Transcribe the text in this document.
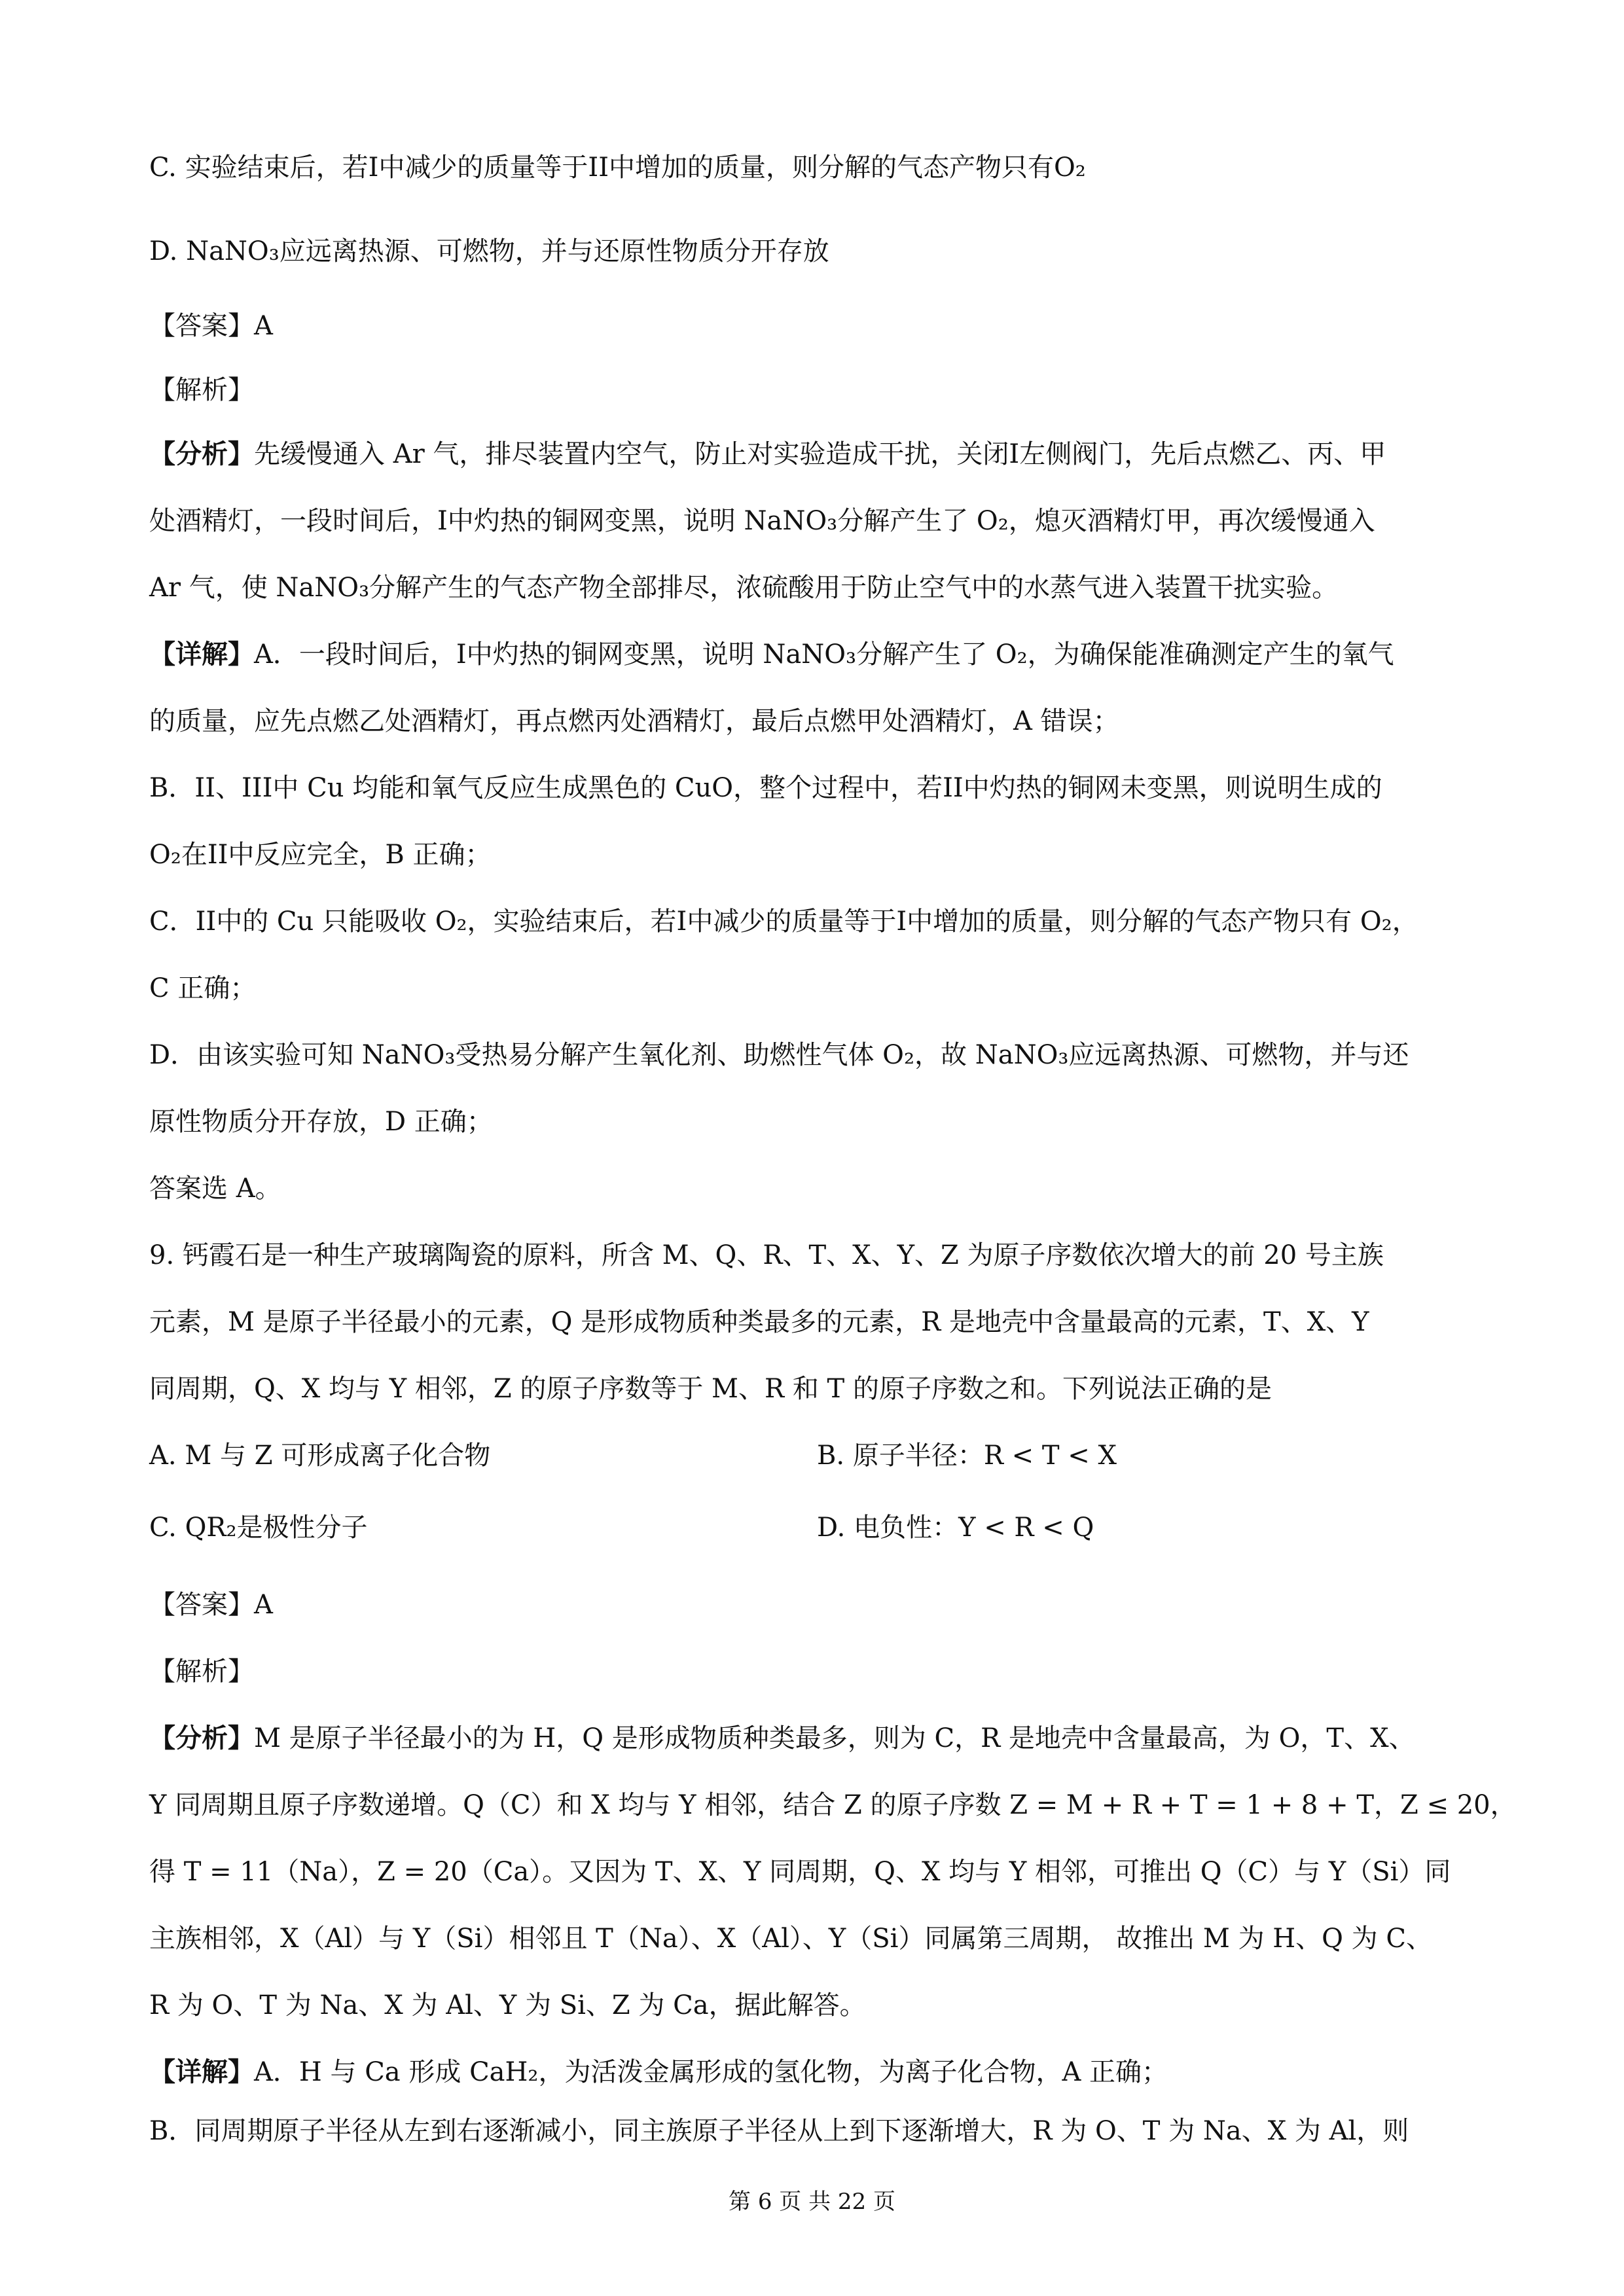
C. 实验结束后，若I中减少的质量等于II中增加的质量，则分解的气态产物只有O₂
D. NaNO₃应远离热源、可燃物，并与还原性物质分开存放
【答案】A
【解析】
【分析】先缓慢通入 Ar 气，排尽装置内空气，防止对实验造成干扰，关闭I左侧阀门，先后点燃乙、丙、甲
处酒精灯，一段时间后，I中灼热的铜网变黑，说明 NaNO₃分解产生了 O₂，熄灭酒精灯甲，再次缓慢通入
Ar 气，使 NaNO₃分解产生的气态产物全部排尽，浓硫酸用于防止空气中的水蒸气进入装置干扰实验。
【详解】A．一段时间后，I中灼热的铜网变黑，说明 NaNO₃分解产生了 O₂，为确保能准确测定产生的氧气
的质量，应先点燃乙处酒精灯，再点燃丙处酒精灯，最后点燃甲处酒精灯，A 错误；
B．II、III中 Cu 均能和氧气反应生成黑色的 CuO，整个过程中，若II中灼热的铜网未变黑，则说明生成的
O₂在II中反应完全，B 正确；
C．II中的 Cu 只能吸收 O₂，实验结束后，若I中减少的质量等于I中增加的质量，则分解的气态产物只有 O₂，
C 正确；
D．由该实验可知 NaNO₃受热易分解产生氧化剂、助燃性气体 O₂，故 NaNO₃应远离热源、可燃物，并与还
原性物质分开存放，D 正确；
答案选 A。
9. 钙霞石是一种生产玻璃陶瓷的原料，所含 M、Q、R、T、X、Y、Z 为原子序数依次增大的前 20 号主族
元素，M 是原子半径最小的元素，Q 是形成物质种类最多的元素，R 是地壳中含量最高的元素，T、X、Y
同周期，Q、X 均与 Y 相邻，Z 的原子序数等于 M、R 和 T 的原子序数之和。下列说法正确的是
A. M 与 Z 可形成离子化合物	B. 原子半径：R < T < X
C. QR₂是极性分子	D. 电负性：Y < R < Q
【答案】A
【解析】
【分析】M 是原子半径最小的为 H，Q 是形成物质种类最多，则为 C，R 是地壳中含量最高，为 O，T、X、
Y 同周期且原子序数递增。Q（C）和 X 均与 Y 相邻，结合 Z 的原子序数 Z = M + R + T = 1 + 8 + T，Z ≤ 20，
得 T = 11（Na），Z = 20（Ca）。又因为 T、X、Y 同周期，Q、X 均与 Y 相邻，可推出 Q（C）与 Y（Si）同
主族相邻，X（Al）与 Y（Si）相邻且 T（Na）、X（Al）、Y（Si）同属第三周期， 故推出 M 为 H、Q 为 C、
R 为 O、T 为 Na、X 为 Al、Y 为 Si、Z 为 Ca，据此解答。
【详解】A．H 与 Ca 形成 CaH₂，为活泼金属形成的氢化物，为离子化合物，A 正确；
B．同周期原子半径从左到右逐渐减小，同主族原子半径从上到下逐渐增大，R 为 O、T 为 Na、X 为 Al，则
第 6 页 共 22 页
